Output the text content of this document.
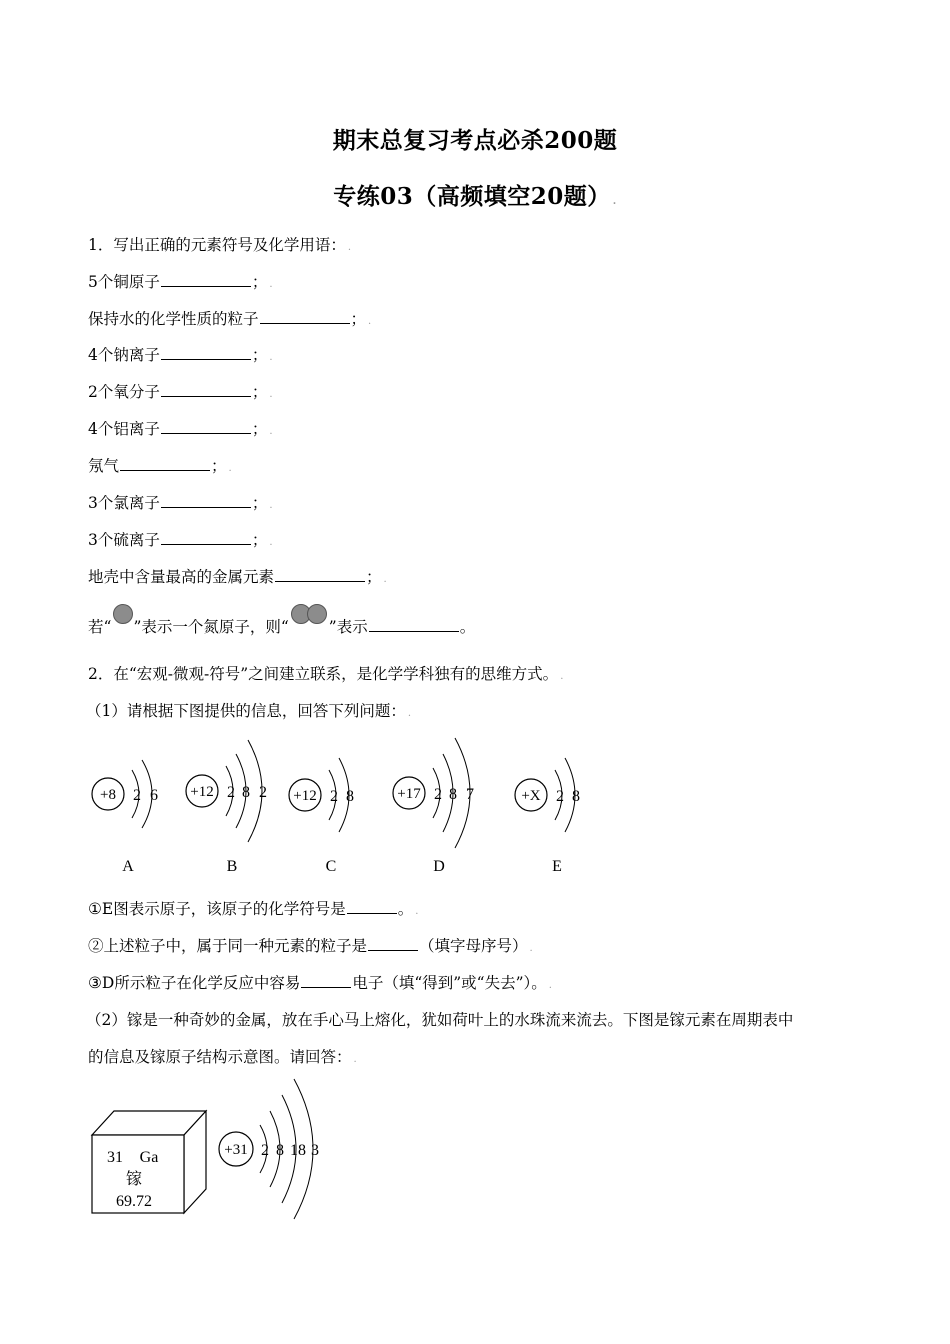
期末总复习考点必杀200题
专练03（高频填空20题） .
1．写出正确的元素符号及化学用语： .
5个铜原子	； .
保持水的化学性质的粒子	； .
4个钠离子	； .
2个氧分子	； .
4个铝离子	； .
氖气	； .
3个氯离子	； .
3个硫离子	； .
地壳中含量最高的金属元素	； .
若“ ”表示一个氮原子，则“	”表示	。
2．在“宏观-微观-符号”之间建立联系，是化学学科独有的思维方式。 .
（1）请根据下图提供的信息，回答下列问题： .
+8 2 6
A
+12 2 8 2
B
+12 2 8
C
+17 2 8 7
D
+X 2 8
E
①E图表示原子，该原子的化学符号是	。 .
②上述粒子中，属于同一种元素的粒子是	（填字母序号） .
③D所示粒子在化学反应中容易	电子（填“得到”或“失去”）。 .
（2）镓是一种奇妙的金属，放在手心马上熔化，犹如荷叶上的水珠流来流去。下图是镓元素在周期表中
的信息及镓原子结构示意图。请回答： .
31 Ga
镓
69.72
+31 2 8 18 3
